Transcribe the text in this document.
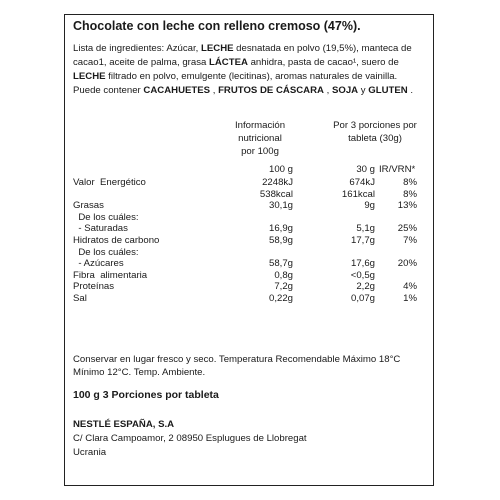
Chocolate con leche con relleno cremoso (47%).

Lista de ingredientes: Azúcar, LECHE desnatada en polvo (19,5%), manteca de cacao1, aceite de palma, grasa LÁCTEA anhidra, pasta de cacao¹, suero de LECHE filtrado en polvo, emulgente (lecitinas), aromas naturales de vainilla.

Puede contener CACAHUETES , FRUTOS DE CÁSCARA , SOJA y GLUTEN .

Información nutricional
por 100g
Por 3 porciones por
tableta (30g)
100 g	30 g IR/VRN*
Valor  Energético	2248kJ	674kJ	8%
538kcal	161kcal	8%
Grasas	30,1g	9g	13%
De los cuáles:
- Saturadas	16,9g	5,1g	25%
Hidratos de carbono	58,9g	17,7g	7%
De los cuáles:
- Azúcares	58,7g	17,6g	20%
Fibra  alimentaria	0,8g	<0,5g
Proteínas	7,2g	2,2g	4%
Sal	0,22g	0,07g	1%
Conservar en lugar fresco y seco. Temperatura Recomendable Máximo 18°C Mínimo 12°C. Temp. Ambiente.
100 g 3 Porciones por tableta
NESTLÉ ESPAÑA, S.A
C/ Clara Campoamor, 2 08950 Esplugues de Llobregat
Ucrania
